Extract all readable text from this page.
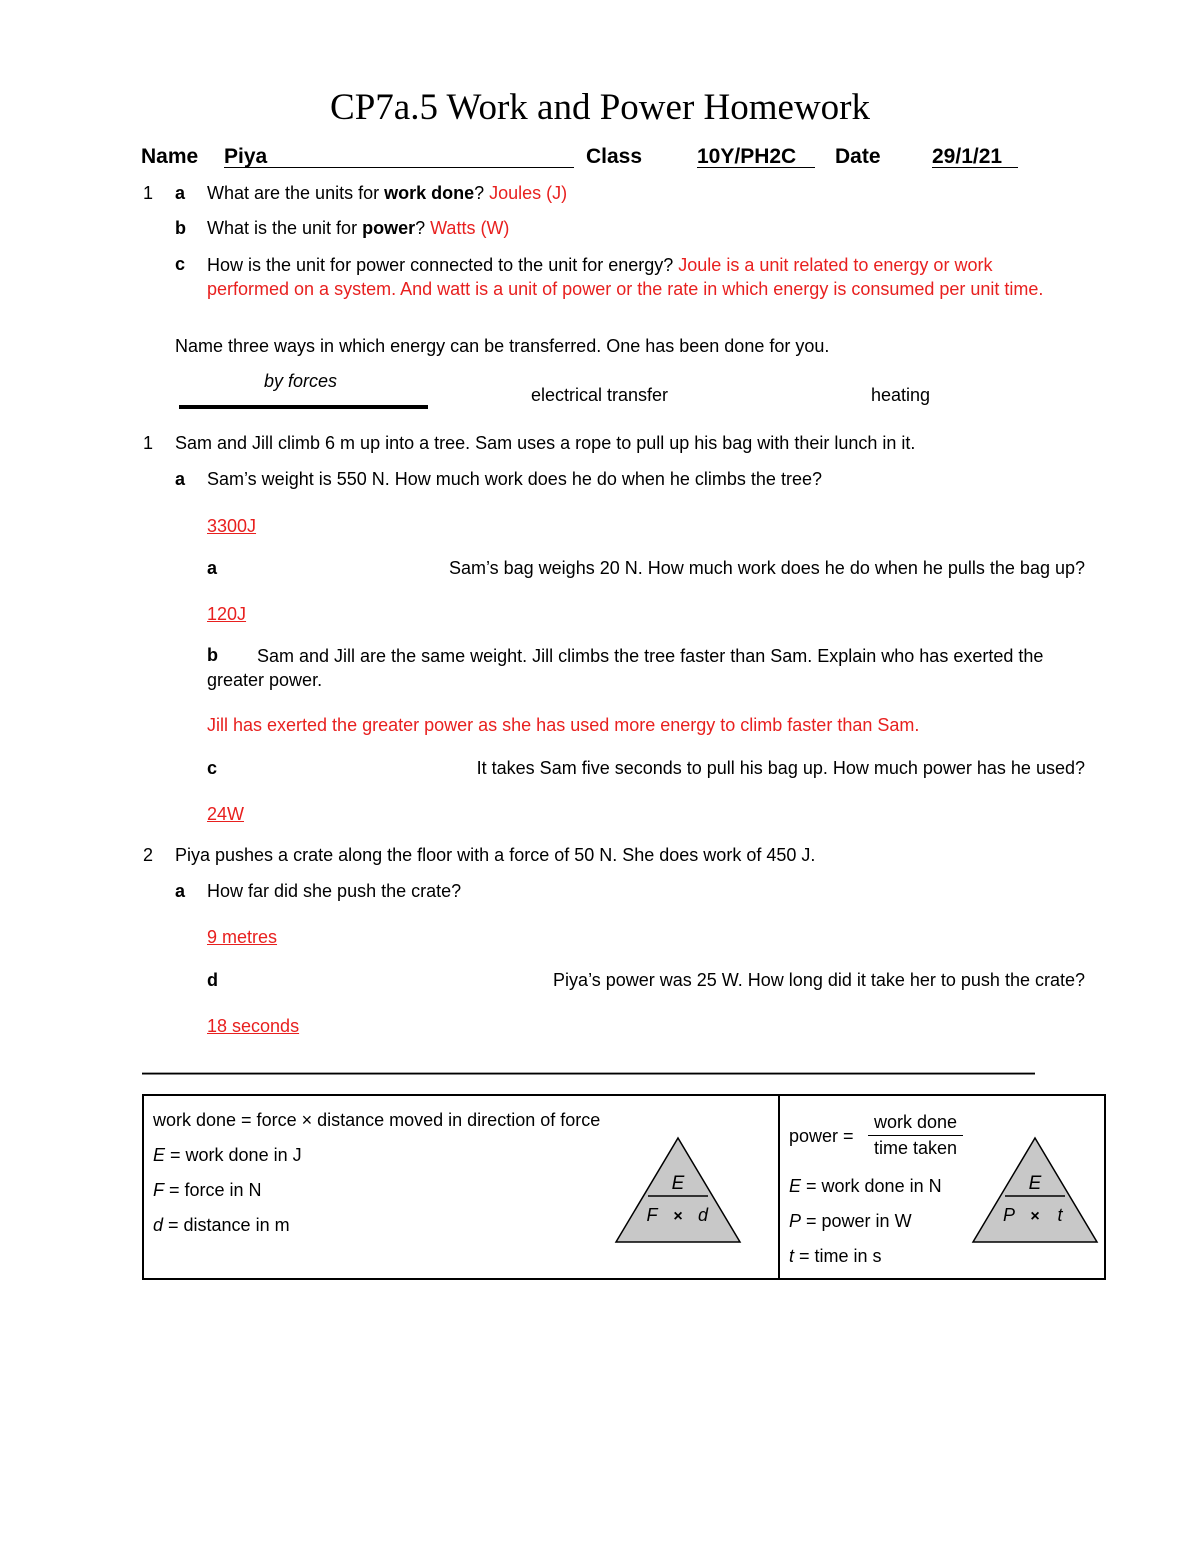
CP7a.5 Work and Power Homework
Name Piya	Class	10Y/PH2C Date 29/1/21
1 a What are the units for work done? Joules (J)
b What is the unit for power? Watts (W)
c How is the unit for power connected to the unit for energy? Joule is a unit related to energy or work performed on a system. And watt is a unit of power or the rate in which energy is consumed per unit time.
Name three ways in which energy can be transferred. One has been done for you.
by forces
electrical transfer	heating
1 Sam and Jill climb 6 m up into a tree. Sam uses a rope to pull up his bag with their lunch in it.
a Sam’s weight is 550 N. How much work does he do when he climbs the tree?
3300J
a	Sam’s bag weighs 20 N. How much work does he do when he pulls the bag up?
120J
b	Sam and Jill are the same weight. Jill climbs the tree faster than Sam. Explain who has exerted the greater power.
Jill has exerted the greater power as she has used more energy to climb faster than Sam.
c	It takes Sam five seconds to pull his bag up. How much power has he used?
24W
2 Piya pushes a crate along the floor with a force of 50 N. She does work of 450 J.
a How far did she push the crate?
9 metres
d	Piya’s power was 25 W. How long did it take her to push the crate?
18 seconds
———————————————————————————————————————————————
work done = force × distance moved in direction of force
E = work done in J
F = force in N
d = distance in m
E
F × d
power =
work done
time taken
E = work done in N
P = power in W
t = time in s
E
P × t
